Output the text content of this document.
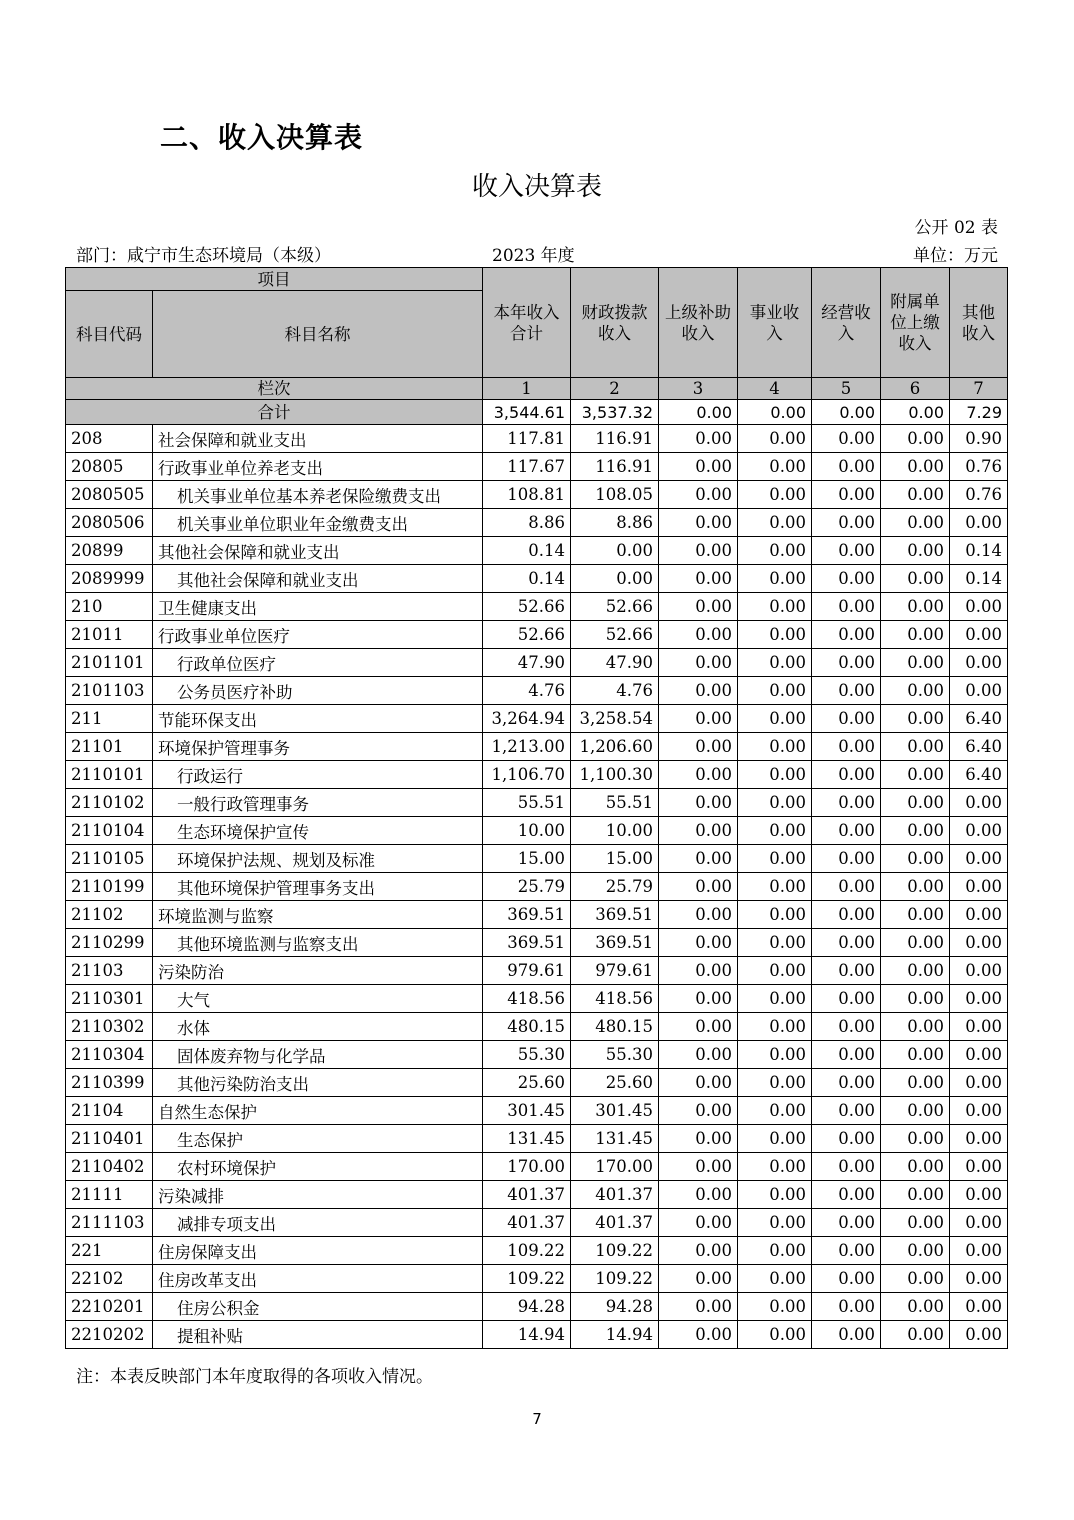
二、收入决算表
收入决算表
公开 02 表
部门：咸宁市生态环境局（本级）	2023 年度	单位：万元
项目		本年收入合计	财政拨款收入	上级补助收入	事业收入	经营收入	附属单位上缴收入	其他收入
科目代码	科目名称							
栏次		1	2	3	4	5	6	7
合计		3,544.61	3,537.32	0.00	0.00	0.00	0.00	7.29
208	社会保障和就业支出	117.81	116.91	0.00	0.00	0.00	0.00	0.90
20805	行政事业单位养老支出	117.67	116.91	0.00	0.00	0.00	0.00	0.76
2080505	机关事业单位基本养老保险缴费支出	108.81	108.05	0.00	0.00	0.00	0.00	0.76
2080506	机关事业单位职业年金缴费支出	8.86	8.86	0.00	0.00	0.00	0.00	0.00
20899	其他社会保障和就业支出	0.14	0.00	0.00	0.00	0.00	0.00	0.14
2089999	其他社会保障和就业支出	0.14	0.00	0.00	0.00	0.00	0.00	0.14
210	卫生健康支出	52.66	52.66	0.00	0.00	0.00	0.00	0.00
21011	行政事业单位医疗	52.66	52.66	0.00	0.00	0.00	0.00	0.00
2101101	行政单位医疗	47.90	47.90	0.00	0.00	0.00	0.00	0.00
2101103	公务员医疗补助	4.76	4.76	0.00	0.00	0.00	0.00	0.00
211	节能环保支出	3,264.94	3,258.54	0.00	0.00	0.00	0.00	6.40
21101	环境保护管理事务	1,213.00	1,206.60	0.00	0.00	0.00	0.00	6.40
2110101	行政运行	1,106.70	1,100.30	0.00	0.00	0.00	0.00	6.40
2110102	一般行政管理事务	55.51	55.51	0.00	0.00	0.00	0.00	0.00
2110104	生态环境保护宣传	10.00	10.00	0.00	0.00	0.00	0.00	0.00
2110105	环境保护法规、规划及标准	15.00	15.00	0.00	0.00	0.00	0.00	0.00
2110199	其他环境保护管理事务支出	25.79	25.79	0.00	0.00	0.00	0.00	0.00
21102	环境监测与监察	369.51	369.51	0.00	0.00	0.00	0.00	0.00
2110299	其他环境监测与监察支出	369.51	369.51	0.00	0.00	0.00	0.00	0.00
21103	污染防治	979.61	979.61	0.00	0.00	0.00	0.00	0.00
2110301	大气	418.56	418.56	0.00	0.00	0.00	0.00	0.00
2110302	水体	480.15	480.15	0.00	0.00	0.00	0.00	0.00
2110304	固体废弃物与化学品	55.30	55.30	0.00	0.00	0.00	0.00	0.00
2110399	其他污染防治支出	25.60	25.60	0.00	0.00	0.00	0.00	0.00
21104	自然生态保护	301.45	301.45	0.00	0.00	0.00	0.00	0.00
2110401	生态保护	131.45	131.45	0.00	0.00	0.00	0.00	0.00
2110402	农村环境保护	170.00	170.00	0.00	0.00	0.00	0.00	0.00
21111	污染减排	401.37	401.37	0.00	0.00	0.00	0.00	0.00
2111103	减排专项支出	401.37	401.37	0.00	0.00	0.00	0.00	0.00
221	住房保障支出	109.22	109.22	0.00	0.00	0.00	0.00	0.00
22102	住房改革支出	109.22	109.22	0.00	0.00	0.00	0.00	0.00
2210201	住房公积金	94.28	94.28	0.00	0.00	0.00	0.00	0.00
2210202	提租补贴	14.94	14.94	0.00	0.00	0.00	0.00	0.00
注：本表反映部门本年度取得的各项收入情况。
7
